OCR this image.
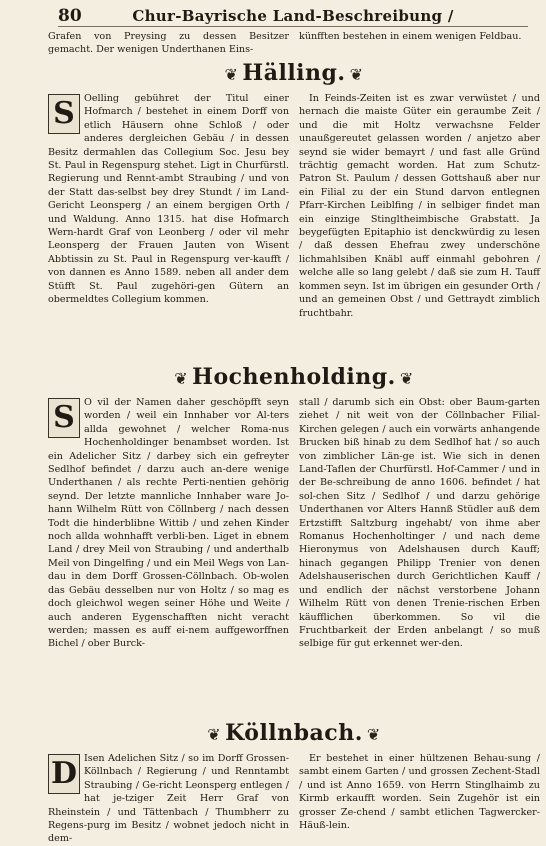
80	Chur-Bayrische Land-Beschreibung /

Grafen von Preysing zu dessen Besitzer gemacht. Der wenigen Underthanen Eins-

künfften bestehen in einem wenigen Feldbau.

❦ Hälling. ❦
S Oelling gebühret der Titul einer Hofmarch / bestehet in einem Dorff von etlich Häusern ohne Schloß / oder anderes dergleichen Gebäu / in dessen Besitz dermahlen das Collegium Soc. Jesu bey St. Paul in Regenspurg stehet. Ligt in Churfürstl. Regierung und Rennt-ambt Straubing / und von der Statt das-selbst bey drey Stundt / im Land-Gericht Leonsperg / an einem bergigen Orth / und Waldung. Anno 1315. hat dise Hofmarch Wern-hardt Graf von Leonberg / oder vil mehr Leonsperg der Frauen Jauten von Wisent Abbtissin zu St. Paul in Regenspurg ver-kaufft / von dannen es Anno 1589. neben all ander dem Stüfft St. Paul zugehöri-gen Gütern an obermeldtes Collegium kommen.

In Feinds-Zeiten ist es zwar verwüstet / und hernach die maiste Güter ein geraumbe Zeit / und die mit Holtz verwachsne Felder unaußgereutet gelassen worden / anjetzo aber seynd sie wider bemayrt / und fast alle Gründ trächtig gemacht worden. Hat zum Schutz-Patron St. Paulum / dessen Gottshauß aber nur ein Filial zu der ein Stund darvon entlegnen Pfarr-Kirchen Leiblfing / in selbiger findet man ein einzige Stingltheimbische Grabstatt. Ja beygefügten Epitaphio ist denckwürdig zu lesen / daß dessen Ehefrau zwey underschöne lichmahlsiben Knäbl auff einmahl gebohren / welche alle so lang gelebt / daß sie zum H. Tauff kommen seyn. Ist im übrigen ein gesunder Orth / und an gemeinen Obst / und Gettraydt zimblich fruchtbahr.

❦ Hochenholding. ❦
S O vil der Namen daher geschöpfft seyn worden / weil ein Innhaber vor Al-ters allda gewohnet / welcher Roma-nus Hochenholdinger benambset worden. Ist ein Adelicher Sitz / darbey sich ein gefreyter Sedlhof befindet / darzu auch an-dere wenige Underthanen / als rechte Perti-nentien gehörig seynd. Der letzte mannliche Innhaber ware Jo-hann Wilhelm Rütt von Cöllnberg / nach dessen Todt die hinderblibne Wittib / und zehen Kinder noch allda wohnhafft verbli-ben. Liget in ebnem Land / drey Meil von Straubing / und anderthalb Meil von Dingelfing / und ein Meil Wegs von Lan-dau in dem Dorff Grossen-Cöllnbach. Ob-wolen das Gebäu desselben nur von Holtz / so mag es doch gleichwol wegen seiner Höhe und Weite / auch anderen Eygenschafften nicht veracht werden; massen es auff ei-nem auffgeworffnen Bichel / ober Burck-

stall / darumb sich ein Obst: ober Baum-garten ziehet / nit weit von der Cöllnbacher Filial-Kirchen gelegen / auch ein vorwärts anhangende Brucken biß hinab zu dem Sedlhof hat / so auch von zimblicher Län-ge ist. Wie sich in denen Land-Taflen der Churfürstl. Hof-Cammer / und in der Be-schreibung de anno 1606. befindet / hat sol-chen Sitz / Sedlhof / und darzu gehörige Underthanen vor Alters Hannß Stüdler auß dem Ertzstifft Saltzburg ingehabt/ von ihme aber Romanus Hochenholtinger / und nach deme Hieronymus von Adelshausen durch Kauff; hinach gegangen Philipp Trenier von denen Adelshauserischen durch Gerichtlichen Kauff / und endlich der nächst verstorbene Johann Wilhelm Rütt von denen Trenie-rischen Erben käufflichen überkommen. So vil die Fruchtbarkeit der Erden anbelangt / so muß selbige für gut erkennet wer-den.

❦ Köllnbach. ❦
D Isen Adelichen Sitz / so im Dorff Grossen-Köllnbach / Regierung / und Renntambt Straubing / Ge-richt Leonsperg entlegen / hat je-tziger Zeit Herr Graf von Rheinstein / und Tättenbach / Thumbherr zu Regens-purg im Besitz / wobnet jedoch nicht in dem-

Er bestehet in einer hültzenen Behau-sung / sambt einem Garten / und grossen Zechent-Stadl / und ist Anno 1659. von Herrn Stinglhaimb zu Kirmb erkaufft worden. Sein Zugehör ist ein grosser Ze-chend / sambt etlichen Tagwercker-Häuß-lein.
